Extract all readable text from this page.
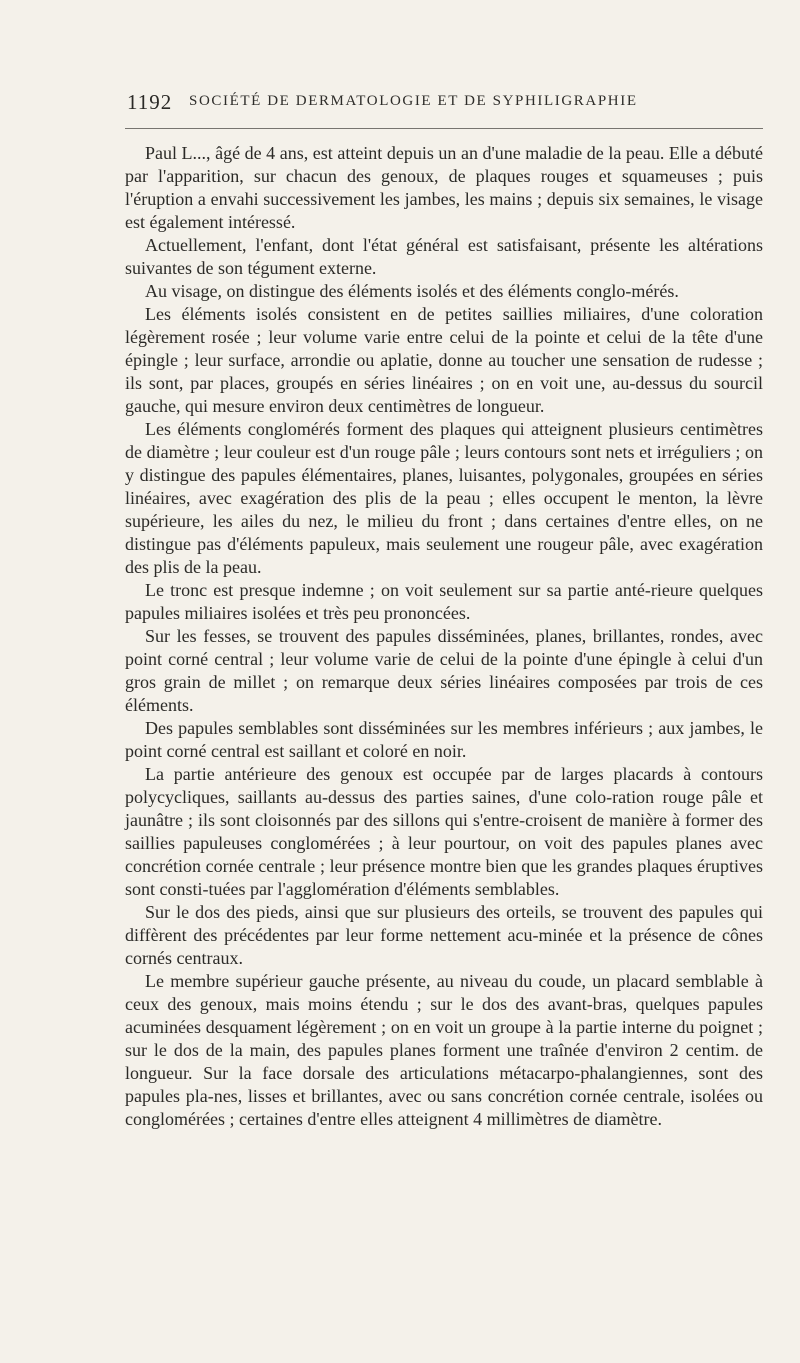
1192 SOCIÉTÉ DE DERMATOLOGIE ET DE SYPHILIGRAPHIE

Paul L..., âgé de 4 ans, est atteint depuis un an d'une maladie de la peau. Elle a débuté par l'apparition, sur chacun des genoux, de plaques rouges et squameuses ; puis l'éruption a envahi successivement les jambes, les mains ; depuis six semaines, le visage est également intéressé.

Actuellement, l'enfant, dont l'état général est satisfaisant, présente les altérations suivantes de son tégument externe.

Au visage, on distingue des éléments isolés et des éléments conglo-mérés.

Les éléments isolés consistent en de petites saillies miliaires, d'une coloration légèrement rosée ; leur volume varie entre celui de la pointe et celui de la tête d'une épingle ; leur surface, arrondie ou aplatie, donne au toucher une sensation de rudesse ; ils sont, par places, groupés en séries linéaires ; on en voit une, au-dessus du sourcil gauche, qui mesure environ deux centimètres de longueur.

Les éléments conglomérés forment des plaques qui atteignent plusieurs centimètres de diamètre ; leur couleur est d'un rouge pâle ; leurs contours sont nets et irréguliers ; on y distingue des papules élémentaires, planes, luisantes, polygonales, groupées en séries linéaires, avec exagération des plis de la peau ; elles occupent le menton, la lèvre supérieure, les ailes du nez, le milieu du front ; dans certaines d'entre elles, on ne distingue pas d'éléments papuleux, mais seulement une rougeur pâle, avec exagération des plis de la peau.

Le tronc est presque indemne ; on voit seulement sur sa partie anté-rieure quelques papules miliaires isolées et très peu prononcées.

Sur les fesses, se trouvent des papules disséminées, planes, brillantes, rondes, avec point corné central ; leur volume varie de celui de la pointe d'une épingle à celui d'un gros grain de millet ; on remarque deux séries linéaires composées par trois de ces éléments.

Des papules semblables sont disséminées sur les membres inférieurs ; aux jambes, le point corné central est saillant et coloré en noir.

La partie antérieure des genoux est occupée par de larges placards à contours polycycliques, saillants au-dessus des parties saines, d'une colo-ration rouge pâle et jaunâtre ; ils sont cloisonnés par des sillons qui s'entre-croisent de manière à former des saillies papuleuses conglomérées ; à leur pourtour, on voit des papules planes avec concrétion cornée centrale ; leur présence montre bien que les grandes plaques éruptives sont consti-tuées par l'agglomération d'éléments semblables.

Sur le dos des pieds, ainsi que sur plusieurs des orteils, se trouvent des papules qui diffèrent des précédentes par leur forme nettement acu-minée et la présence de cônes cornés centraux.

Le membre supérieur gauche présente, au niveau du coude, un placard semblable à ceux des genoux, mais moins étendu ; sur le dos des avant-bras, quelques papules acuminées desquament légèrement ; on en voit un groupe à la partie interne du poignet ; sur le dos de la main, des papules planes forment une traînée d'environ 2 centim. de longueur. Sur la face dorsale des articulations métacarpo-phalangiennes, sont des papules pla-nes, lisses et brillantes, avec ou sans concrétion cornée centrale, isolées ou conglomérées ; certaines d'entre elles atteignent 4 millimètres de diamètre.
